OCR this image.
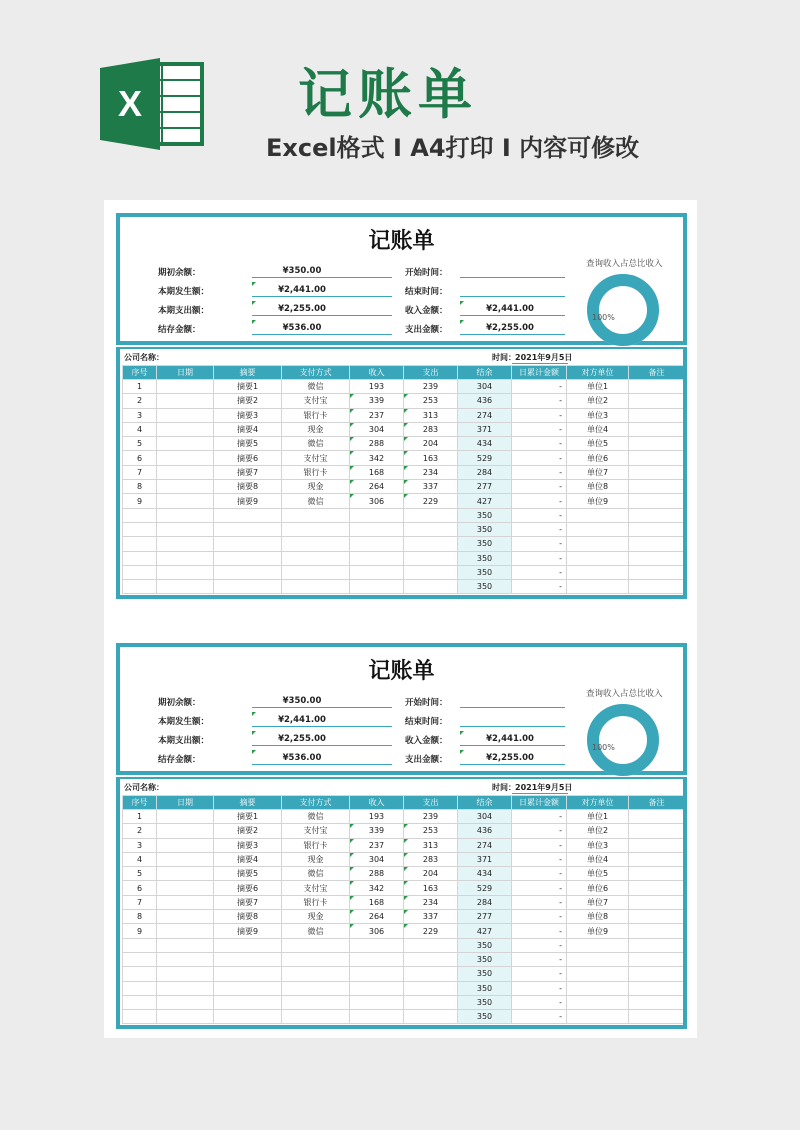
X	记账单
Excel格式 I A4打印 I 内容可修改
记账单
期初余额：	¥350.00
本期发生额：	¥2,441.00
本期支出额：	¥2,255.00
结存金额：	¥536.00
开始时间：
结束时间：
收入金额：	¥2,441.00
支出金额：	¥2,255.00
查询收入占总比收入
100%
公司名称：	时间： 2021年9月5日
序号	日期	摘要	支付方式	收入	支出	结余	日累计金额	对方单位	备注
1		摘要1	微信	193	239	304	-	单位1	
2		摘要2	支付宝	339	253	436	-	单位2	
3		摘要3	银行卡	237	313	274	-	单位3	
4		摘要4	现金	304	283	371	-	单位4	
5		摘要5	微信	288	204	434	-	单位5	
6		摘要6	支付宝	342	163	529	-	单位6	
7		摘要7	银行卡	168	234	284	-	单位7	
8		摘要8	现金	264	337	277	-	单位8	
9		摘要9	微信	306	229	427	-	单位9	
						350	-		
						350	-		
						350	-		
						350	-		
						350	-		
						350	-		
记账单
期初余额：	¥350.00
本期发生额：	¥2,441.00
本期支出额：	¥2,255.00
结存金额：	¥536.00
开始时间：
结束时间：
收入金额：	¥2,441.00
支出金额：	¥2,255.00
查询收入占总比收入
100%
公司名称：	时间： 2021年9月5日
序号	日期	摘要	支付方式	收入	支出	结余	日累计金额	对方单位	备注
1		摘要1	微信	193	239	304	-	单位1	
2		摘要2	支付宝	339	253	436	-	单位2	
3		摘要3	银行卡	237	313	274	-	单位3	
4		摘要4	现金	304	283	371	-	单位4	
5		摘要5	微信	288	204	434	-	单位5	
6		摘要6	支付宝	342	163	529	-	单位6	
7		摘要7	银行卡	168	234	284	-	单位7	
8		摘要8	现金	264	337	277	-	单位8	
9		摘要9	微信	306	229	427	-	单位9	
						350	-		
						350	-		
						350	-		
						350	-		
						350	-		
						350	-		
